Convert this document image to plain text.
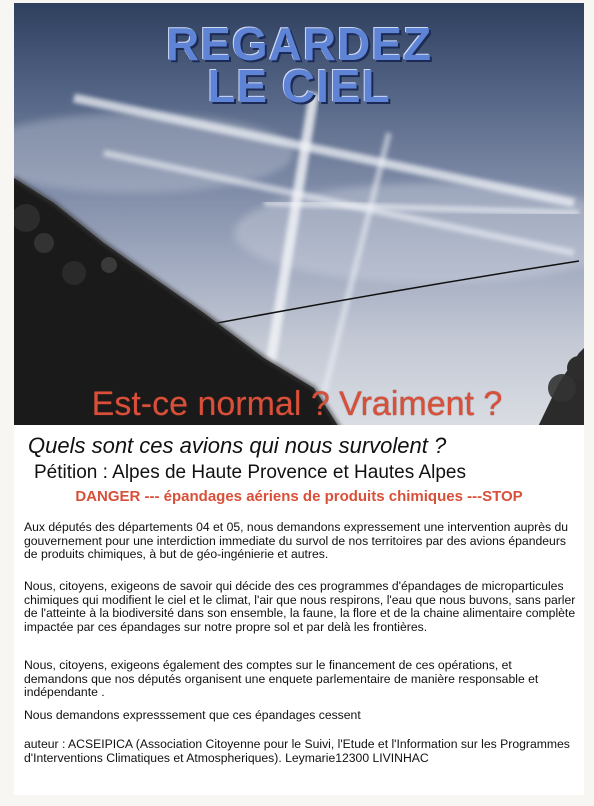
REGARDEZ
LE CIEL
Quels sont ces avions qui nous survolent ?
Pétition : Alpes de Haute Provence et Hautes Alpes
DANGER --- épandages aériens de produits chimiques ---STOP
Aux députés des départements 04 et 05, nous demandons expressement une intervention auprès du gouvernement pour une interdiction immediate du survol de nos territoires par des avions épandeurs de produits chimiques, à but de géo-ingénierie et autres.
Nous, citoyens, exigeons de savoir qui décide des ces programmes d'épandages de microparticules chimiques qui modifient le ciel et le climat, l'air que nous respirons, l'eau que nous buvons, sans parler de l'atteinte à la biodiversité dans son ensemble, la faune, la flore et de la chaine alimentaire complète impactée par ces épandages sur notre propre sol et par delà les frontières.
Nous, citoyens, exigeons également des comptes sur le financement de ces opérations, et demandons que nos députés organisent une enquete parlementaire de manière responsable et indépendante .
Nous demandons expresssement que ces épandages cessent
auteur : ACSEIPICA (Association Citoyenne pour le Suivi, l'Etude et l'Information sur les Programmes d'Interventions Climatiques et Atmospheriques). Leymarie12300 LIVINHAC
Est-ce normal ? Vraiment ?
